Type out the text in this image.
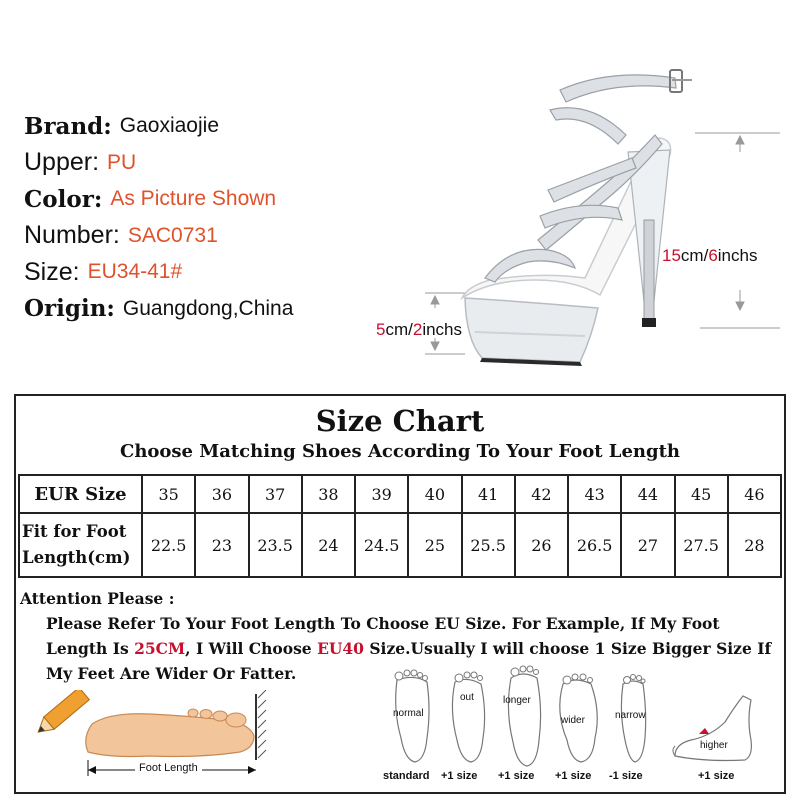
Brand: Gaoxiaojie
Upper: PU
Color: As Picture Shown
Number: SAC0731
Size: EU34-41#
Origin: Guangdong,China
15cm/6inchs
5cm/2inchs
Size Chart
Choose Matching Shoes According To Your Foot Length
EUR Size	35	36	37	38	39	40	41	42	43	44	45	46
Fit for Foot
Length(cm)	22.5	23	23.5	24	24.5	25	25.5	26	26.5	27	27.5	28
Attention Please :
Please Refer To Your Foot Length To Choose EU Size. For Example, If My Foot Length Is 25CM, I Will Choose EU40 Size.Usually I will choose 1 Size Bigger Size If My Feet Are Wider Or Fatter.
Foot Length
normal
out	longer
wider	narrow
higher
standard +1 size +1 size +1 size -1 size	+1 size
